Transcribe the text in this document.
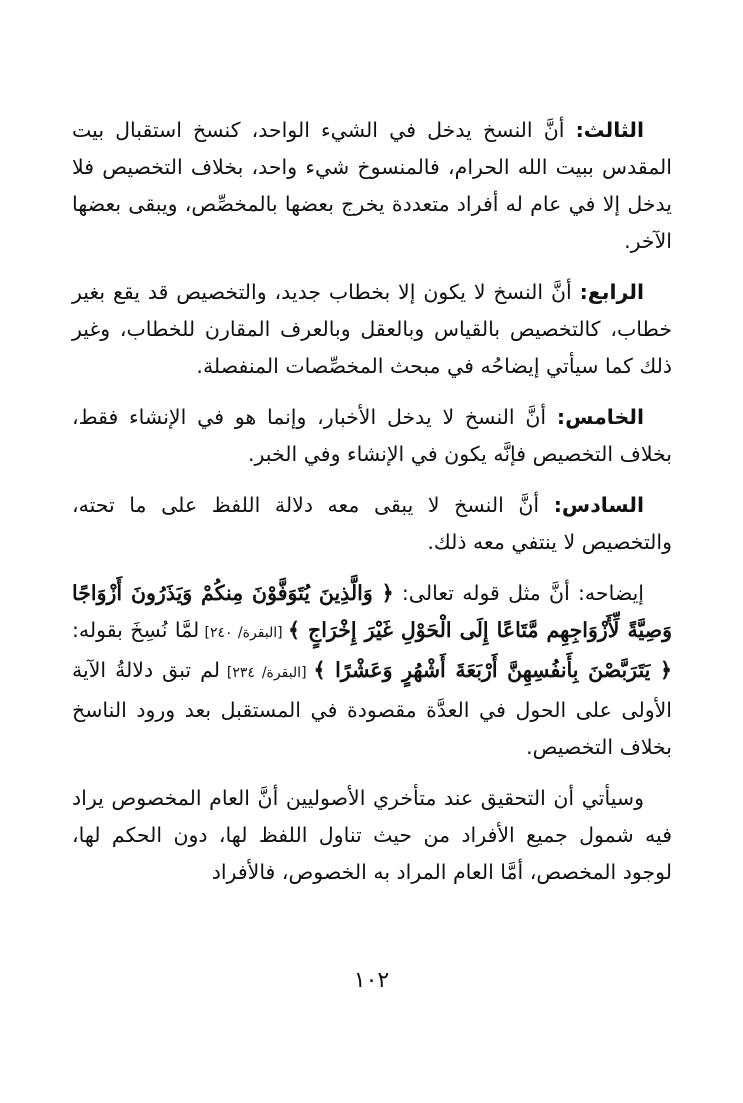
الثالث: أنَّ النسخ يدخل في الشيء الواحد، كنسخ استقبال بيت المقدس ببيت الله الحرام، فالمنسوخ شيء واحد، بخلاف التخصيص فلا يدخل إلا في عام له أفراد متعددة يخرج بعضها بالمخصِّص، ويبقى بعضها الآخر.

الرابع: أنَّ النسخ لا يكون إلا بخطاب جديد، والتخصيص قد يقع بغير خطاب، كالتخصيص بالقياس وبالعقل وبالعرف المقارن للخطاب، وغير ذلك كما سيأتي إيضاحُه في مبحث المخصِّصات المنفصلة.

الخامس: أنَّ النسخ لا يدخل الأخبار، وإنما هو في الإنشاء فقط، بخلاف التخصيص فإنَّه يكون في الإنشاء وفي الخبر.

السادس: أنَّ النسخ لا يبقى معه دلالة اللفظ على ما تحته، والتخصيص لا ينتفي معه ذلك.

إيضاحه: أنَّ مثل قوله تعالى: ﴿ وَالَّذِينَ يُتَوَفَّوْنَ مِنكُمْ وَيَذَرُونَ أَزْوَاجًا وَصِيَّةً لِّأَزْوَاجِهِم مَّتَاعًا إِلَى الْحَوْلِ غَيْرَ إِخْرَاجٍ ﴾ [البقرة/ ٢٤٠] لمَّا نُسِخَ بقوله: ﴿ يَتَرَبَّصْنَ بِأَنفُسِهِنَّ أَرْبَعَةَ أَشْهُرٍ وَعَشْرًا ﴾ [البقرة/ ٢٣٤] لم تبق دلالةُ الآية الأولى على الحول في العدَّة مقصودة في المستقبل بعد ورود الناسخ بخلاف التخصيص.

وسيأتي أن التحقيق عند متأخري الأصوليين أنَّ العام المخصوص يراد فيه شمول جميع الأفراد من حيث تناول اللفظ لها، دون الحكم لها، لوجود المخصص، أمَّا العام المراد به الخصوص، فالأفراد

١٠٢
